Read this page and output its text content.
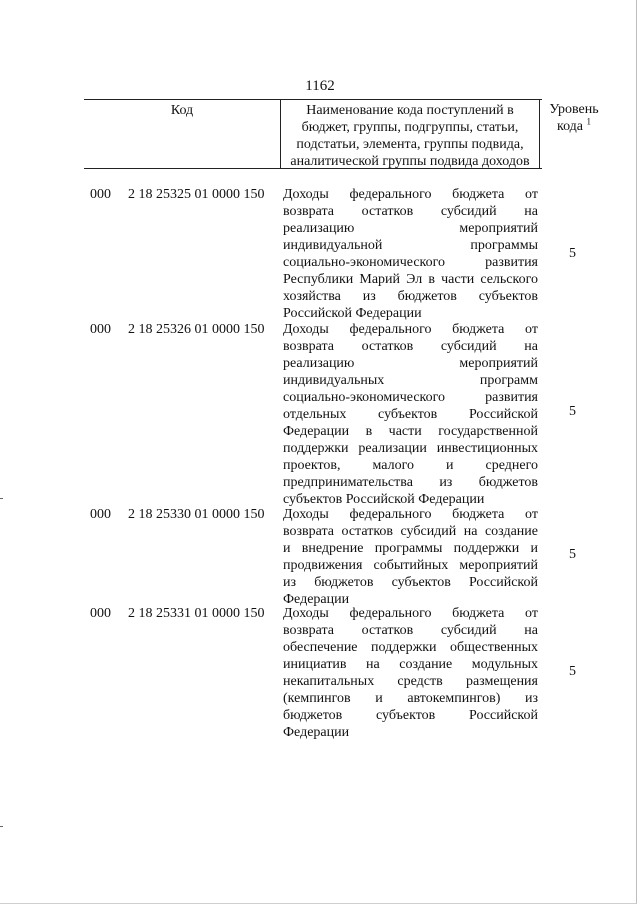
1162
Код	Наименование кода поступлений в
бюджет, группы, подгруппы, статьи,
подстатьи, элемента, группы подвида,
аналитической группы подвида доходов
Уровень
кода $^1$
000 2 18 25325 01 0000 150 Доходы федерального бюджета от
возврата остатков субсидий на
реализацию мероприятий
индивидуальной программы
социально-экономического развития
Республики Марий Эл в части сельского
хозяйства из бюджетов субъектов
Российской Федерации
5
000 2 18 25326 01 0000 150 Доходы федерального бюджета от
возврата остатков субсидий на
реализацию мероприятий
индивидуальных программ
социально-экономического развития
отдельных субъектов Российской
Федерации в части государственной
поддержки реализации инвестиционных
проектов, малого и среднего
предпринимательства из бюджетов
субъектов Российской Федерации
5
000 2 18 25330 01 0000 150 Доходы федерального бюджета от
возврата остатков субсидий на создание
и внедрение программы поддержки и
продвижения событийных мероприятий
из бюджетов субъектов Российской
Федерации
5
000 2 18 25331 01 0000 150 Доходы федерального бюджета от
возврата остатков субсидий на
обеспечение поддержки общественных
инициатив на создание модульных
некапитальных средств размещения
(кемпингов и автокемпингов) из
бюджетов субъектов Российской
Федерации
5
